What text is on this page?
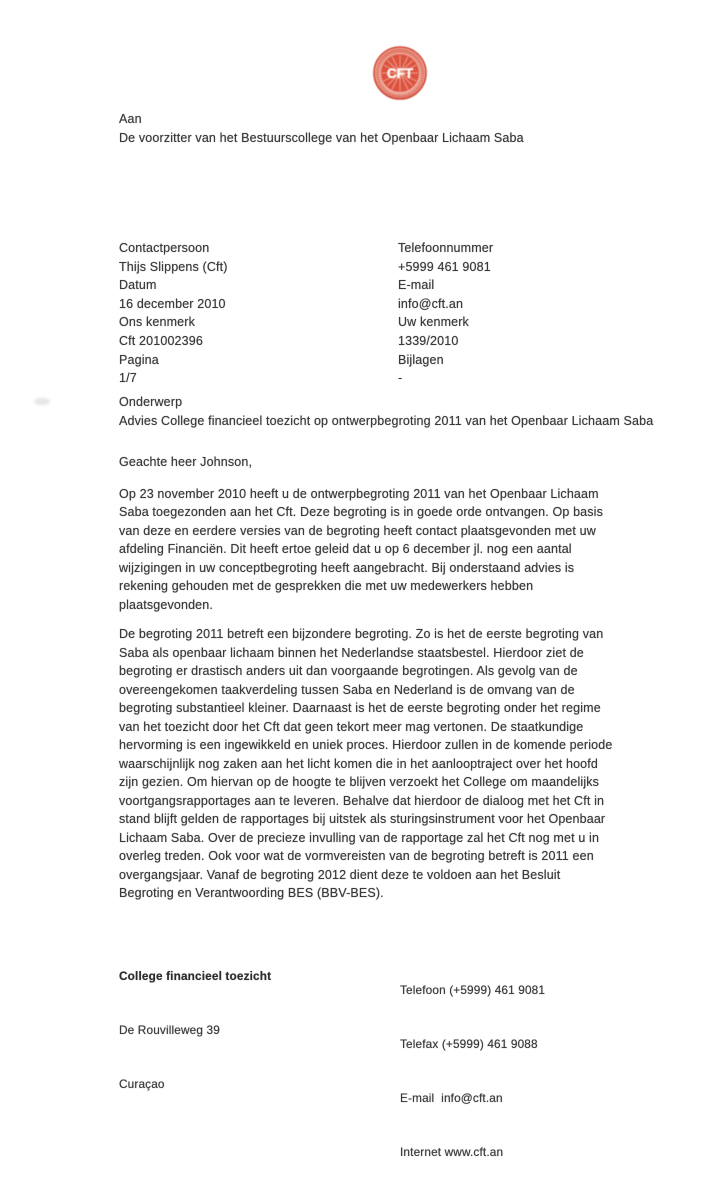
CFT
Aan
De voorzitter van het Bestuurscollege van het Openbaar Lichaam Saba
Contactpersoon
Thijs Slippens (Cft)
Datum
16 december 2010
Ons kenmerk
Cft 201002396
Pagina
1/7
Telefoonnummer
+5999 461 9081
E-mail
info@cft.an
Uw kenmerk
1339/2010
Bijlagen
-
Onderwerp
Advies College financieel toezicht op ontwerpbegroting 2011 van het Openbaar Lichaam Saba
Geachte heer Johnson,
Op 23 november 2010 heeft u de ontwerpbegroting 2011 van het Openbaar Lichaam
Saba toegezonden aan het Cft. Deze begroting is in goede orde ontvangen. Op basis
van deze en eerdere versies van de begroting heeft contact plaatsgevonden met uw
afdeling Financiën. Dit heeft ertoe geleid dat u op 6 december jl. nog een aantal
wijzigingen in uw conceptbegroting heeft aangebracht. Bij onderstaand advies is
rekening gehouden met de gesprekken die met uw medewerkers hebben
plaatsgevonden.
De begroting 2011 betreft een bijzondere begroting. Zo is het de eerste begroting van
Saba als openbaar lichaam binnen het Nederlandse staatsbestel. Hierdoor ziet de
begroting er drastisch anders uit dan voorgaande begrotingen. Als gevolg van de
overeengekomen taakverdeling tussen Saba en Nederland is de omvang van de
begroting substantieel kleiner. Daarnaast is het de eerste begroting onder het regime
van het toezicht door het Cft dat geen tekort meer mag vertonen. De staatkundige
hervorming is een ingewikkeld en uniek proces. Hierdoor zullen in de komende periode
waarschijnlijk nog zaken aan het licht komen die in het aanlooptraject over het hoofd
zijn gezien. Om hiervan op de hoogte te blijven verzoekt het College om maandelijks
voortgangsrapportages aan te leveren. Behalve dat hierdoor de dialoog met het Cft in
stand blijft gelden de rapportages bij uitstek als sturingsinstrument voor het Openbaar
Lichaam Saba. Over de precieze invulling van de rapportage zal het Cft nog met u in
overleg treden. Ook voor wat de vormvereisten van de begroting betreft is 2011 een
overgangsjaar. Vanaf de begroting 2012 dient deze te voldoen aan het Besluit
Begroting en Verantwoording BES (BBV-BES).

College financieel toezicht

De Rouvilleweg 39

Curaçao

Telefoon (+5999) 461 9081

Telefax (+5999) 461 9088

E-mail  info@cft.an

Internet www.cft.an
